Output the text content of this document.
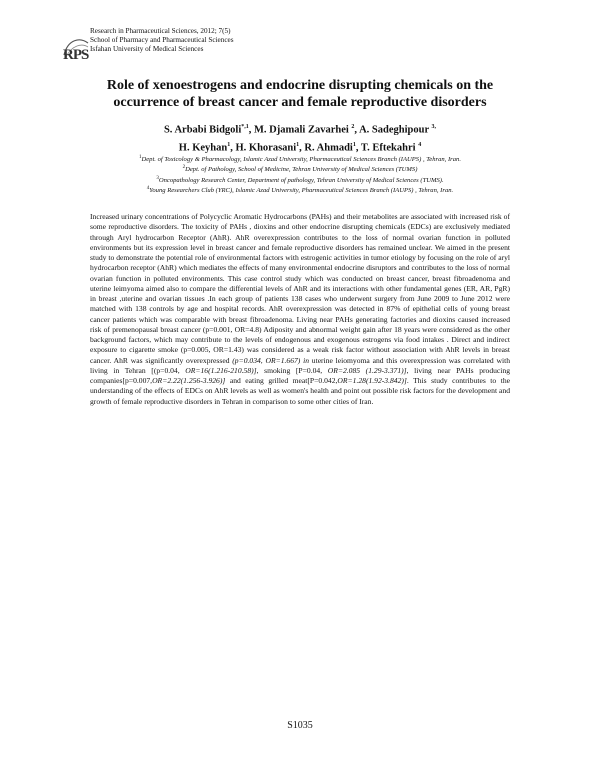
RPS
Research in Pharmaceutical Sciences, 2012; 7(5)
School of Pharmacy and Pharmaceutical Sciences
Isfahan University of Medical Sciences
Role of xenoestrogens and endocrine disrupting chemicals on the
occurrence of breast cancer and female reproductive disorders
S. Arbabi Bidgoli$^{*,1}$, M. Djamali Zavarhei $^2$, A. Sadeghipour $^{3,}$
H. Keyhan$^1$, H. Khorasani$^1$, R. Ahmadi$^1$, T. Eftekahri $^4$
$^1$Dept. of Toxicology & Pharmacology, Islamic Azad University, Pharmaceutical Sciences Branch (IAUPS) , Tehran, Iran.
$^2$Dept. of Pathology, School of Medicine, Tehran University of Medical Sciences (TUMS)
$^3$Oncopathology Research Center, Department of pathology, Tehran University of Medical Sciences (TUMS).
$^4$Young Researchers Club (YRC), Islamic Azad University, Pharmaceutical Sciences Branch (IAUPS) , Tehran, Iran.

Increased urinary concentrations of Polycyclic Aromatic Hydrocarbons (PAHs) and their metabolites are associated with increased risk of some reproductive disorders. The toxicity of PAHs , dioxins and other endocrine disrupting chemicals (EDCs) are exclusively mediated through Aryl hydrocarbon Receptor (AhR). AhR overexpression contributes to the loss of normal ovarian function in polluted environments but its expression level in breast cancer and female reproductive disorders has remained unclear. We aimed in the present study to demonstrate the potential role of environmental factors with estrogenic activities in tumor etiology by focusing on the role of aryl hydrocarbon receptor (AhR) which mediates the effects of many environmental endocrine disruptors and contributes to the loss of normal ovarian function in polluted environments. This case control study which was conducted on breast cancer, breast fibroadenoma and uterine leimyoma aimed also to compare the differential levels of AhR and its interactions with other fundamental genes (ER, AR, PgR) in breast ,uterine and ovarian tissues .In each group of patients 138 cases who underwent surgery from June 2009 to June 2012 were matched with 138 controls by age and hospital records. AhR overexpression was detected in 87% of epithelial cells of young breast cancer patients which was comparable with breast fibroadenoma. Living near PAHs generating factories and dioxins caused increased risk of premenopausal breast cancer (p=0.001, OR=4.8) Adiposity and abnormal weight gain after 18 years were considered as the other background factors, which may contribute to the levels of endogenous and exogenous estrogens via food intakes . Direct and indirect exposure to cigarette smoke (p=0.005, OR=1.43) was considered as a weak risk factor without association with AhR levels in breast cancer. AhR was significantly overexpressed (p=0.034, OR=1.667) in uterine leiomyoma and this overexpression was correlated with living in Tehran [(p=0.04, OR=16(1.216-210.58)], smoking [P=0.04, OR=2.085 (1.29-3.371)], living near PAHs producing companies[p=0.007,OR=2.22(1.256-3.926)] and eating grilled meat[P=0.042,OR=1.28(1.92-3.842)]. This study contributes to the understanding of the effects of EDCs on AhR levels as well as women's health and point out possible risk factors for the development and growth of female reproductive disorders in Tehran in comparison to some other cities of Iran.

S1035
